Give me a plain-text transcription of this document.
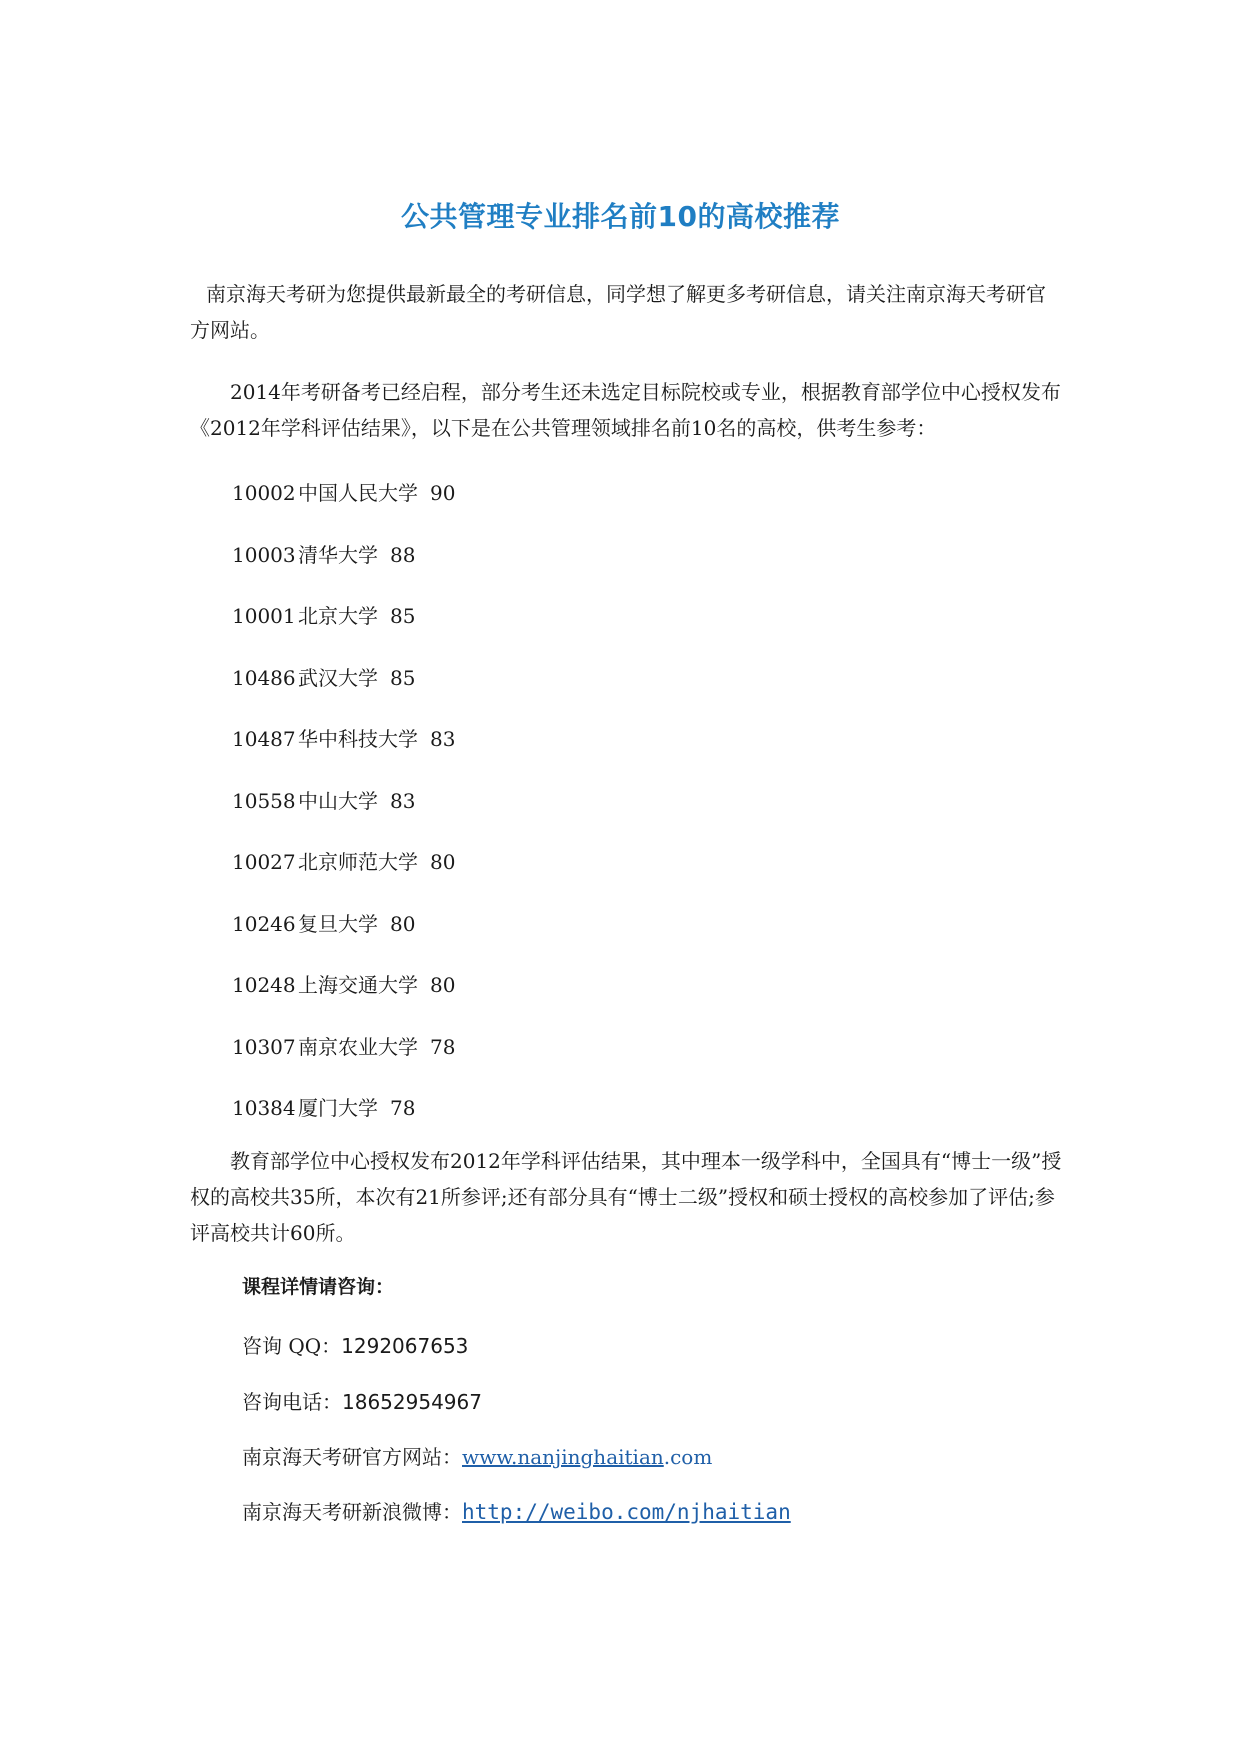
公共管理专业排名前10的高校推荐

南京海天考研为您提供最新最全的考研信息，同学想了解更多考研信息，请关注南京海天考研官方网站。

2014年考研备考已经启程，部分考生还未选定目标院校或专业，根据教育部学位中心授权发布《2012年学科评估结果》，以下是在公共管理领域排名前10名的高校，供考生参考：

10002 中国人民大学 90
10003 清华大学 88
10001 北京大学 85
10486 武汉大学 85
10487 华中科技大学 83
10558 中山大学 83
10027 北京师范大学 80
10246 复旦大学 80
10248 上海交通大学 80
10307 南京农业大学 78
10384 厦门大学 78

教育部学位中心授权发布2012年学科评估结果，其中理本一级学科中，全国具有“博士一级”授权的高校共35所，本次有21所参评;还有部分具有“博士二级”授权和硕士授权的高校参加了评估;参评高校共计60所。

课程详情请咨询：

咨询 QQ：1292067653

咨询电话：18652954967

南京海天考研官方网站：www.nanjinghaitian.com

南京海天考研新浪微博：http://weibo.com/njhaitian
